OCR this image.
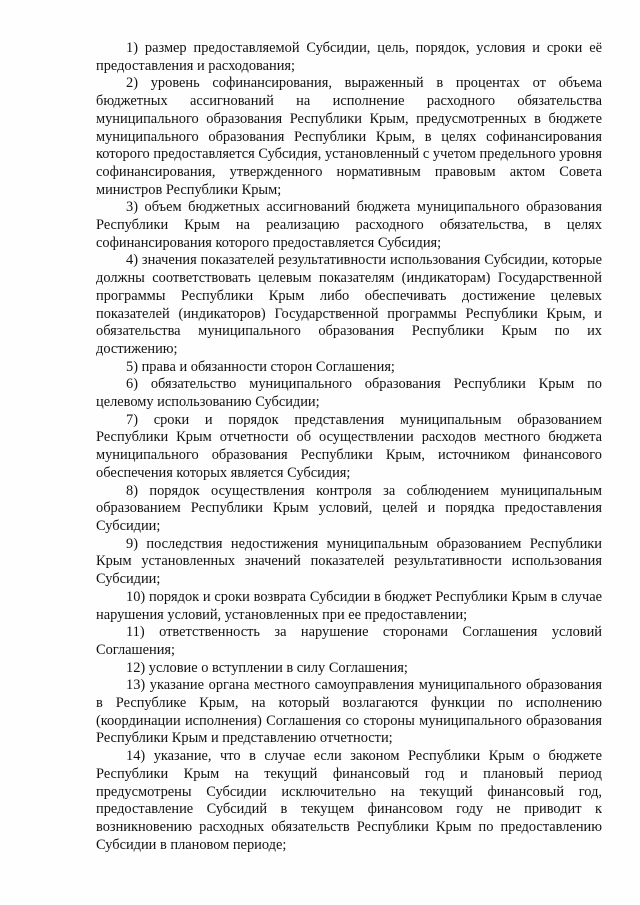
1) размер предоставляемой Субсидии, цель, порядок, условия и сроки её предоставления и расходования;

2) уровень софинансирования, выраженный в процентах от объема бюджетных ассигнований на исполнение расходного обязательства муниципального образования Республики Крым, предусмотренных в бюджете муниципального образования Республики Крым, в целях софинансирования которого предоставляется Субсидия, установленный с учетом предельного уровня софинансирования, утвержденного нормативным правовым актом Совета министров Республики Крым;

3) объем бюджетных ассигнований бюджета муниципального образования Республики Крым на реализацию расходного обязательства, в целях софинансирования которого предоставляется Субсидия;

4) значения показателей результативности использования Субсидии, которые должны соответствовать целевым показателям (индикаторам) Государственной программы Республики Крым либо обеспечивать достижение целевых показателей (индикаторов) Государственной программы Республики Крым, и обязательства муниципального образования Республики Крым по их достижению;

5) права и обязанности сторон Соглашения;

6) обязательство муниципального образования Республики Крым по целевому использованию Субсидии;

7) сроки и порядок представления муниципальным образованием Республики Крым отчетности об осуществлении расходов местного бюджета муниципального образования Республики Крым, источником финансового обеспечения которых является Субсидия;

8) порядок осуществления контроля за соблюдением муниципальным образованием Республики Крым условий, целей и порядка предоставления Субсидии;

9) последствия недостижения муниципальным образованием Республики Крым установленных значений показателей результативности использования Субсидии;

10) порядок и сроки возврата Субсидии в бюджет Республики Крым в случае нарушения условий, установленных при ее предоставлении;

11) ответственность за нарушение сторонами Соглашения условий Соглашения;

12) условие о вступлении в силу Соглашения;

13) указание органа местного самоуправления муниципального образования в Республике Крым, на который возлагаются функции по исполнению (координации исполнения) Соглашения со стороны муниципального образования Республики Крым и представлению отчетности;

14) указание, что в случае если законом Республики Крым о бюджете Республики Крым на текущий финансовый год и плановый период предусмотрены Субсидии исключительно на текущий финансовый год, предоставление Субсидий в текущем финансовом году не приводит к возникновению расходных обязательств Республики Крым по предоставлению Субсидии в плановом периоде;
